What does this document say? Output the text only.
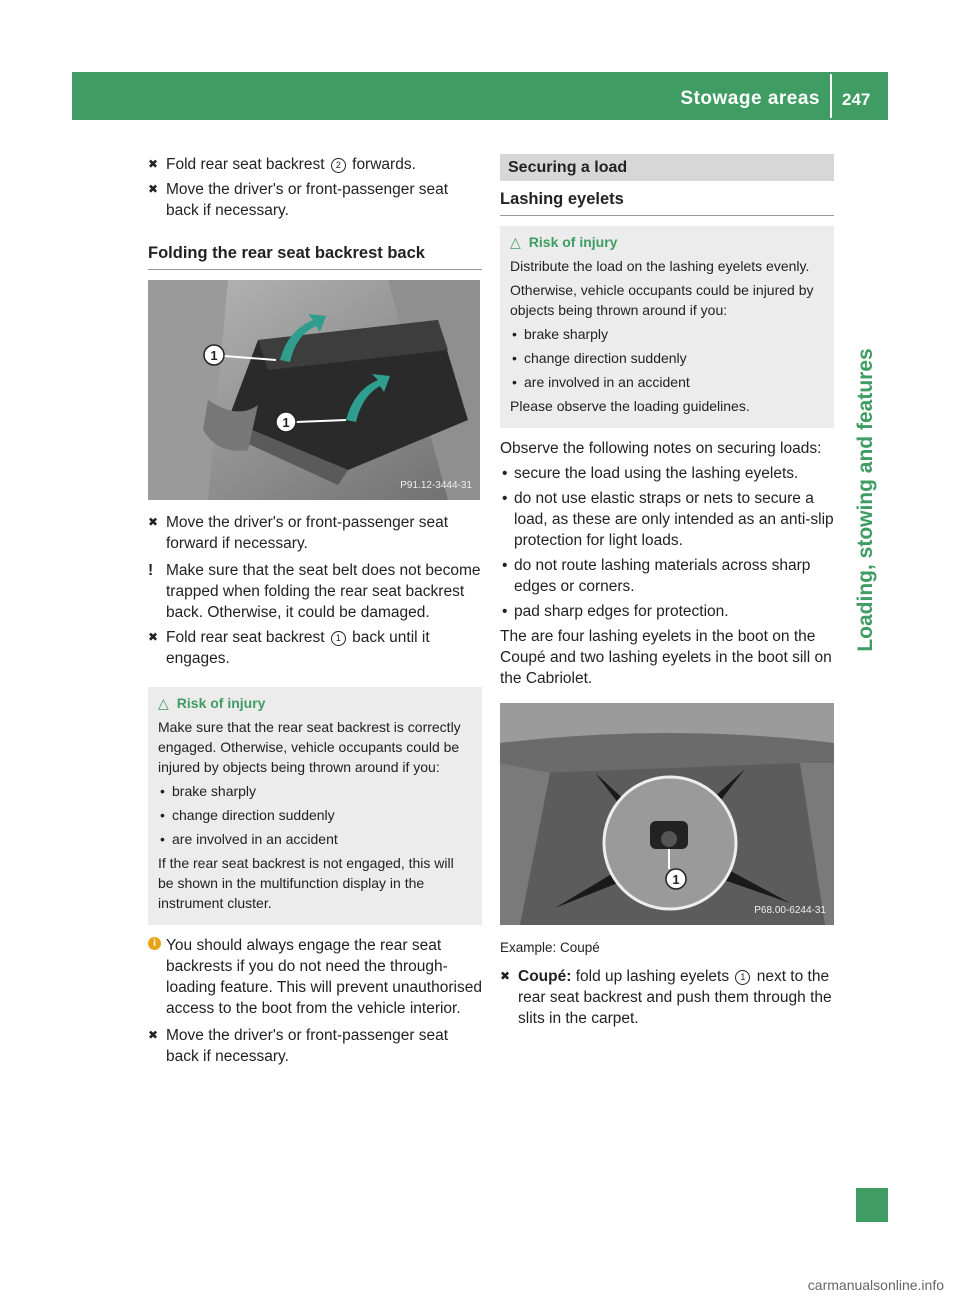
Stowage areas 247
Loading, stowing and features
✖ Fold rear seat backrest 2 forwards.
✖ Move the driver's or front-passenger seat back if necessary.
Folding the rear seat backrest back
1
1
P91.12-3444-31
✖ Move the driver's or front-passenger seat forward if necessary.
! Make sure that the seat belt does not become trapped when folding the rear seat backrest back. Otherwise, it could be damaged.
✖ Fold rear seat backrest 1 back until it engages.
△ Risk of injury

Make sure that the rear seat backrest is correctly engaged. Otherwise, vehicle occupants could be injured by objects being thrown around if you:

• brake sharply
• change direction suddenly
• are involved in an accident

If the rear seat backrest is not engaged, this will be shown in the multifunction display in the instrument cluster.

i You should always engage the rear seat backrests if you do not need the through-loading feature. This will prevent unauthorised access to the boot from the vehicle interior.
✖ Move the driver's or front-passenger seat back if necessary.
Securing a load
Lashing eyelets
△ Risk of injury

Distribute the load on the lashing eyelets evenly.

Otherwise, vehicle occupants could be injured by objects being thrown around if you:

• brake sharply
• change direction suddenly
• are involved in an accident

Please observe the loading guidelines.

Observe the following notes on securing loads:

• secure the load using the lashing eyelets.
• do not use elastic straps or nets to secure a load, as these are only intended as an anti-slip protection for light loads.
• do not route lashing materials across sharp edges or corners.
• pad sharp edges for protection.

The are four lashing eyelets in the boot on the Coupé and two lashing eyelets in the boot sill on the Cabriolet.

1
P68.00-6244-31

Example: Coupé

✖ Coupé: fold up lashing eyelets 1 next to the rear seat backrest and push them through the slits in the carpet.
carmanualsonline.info
